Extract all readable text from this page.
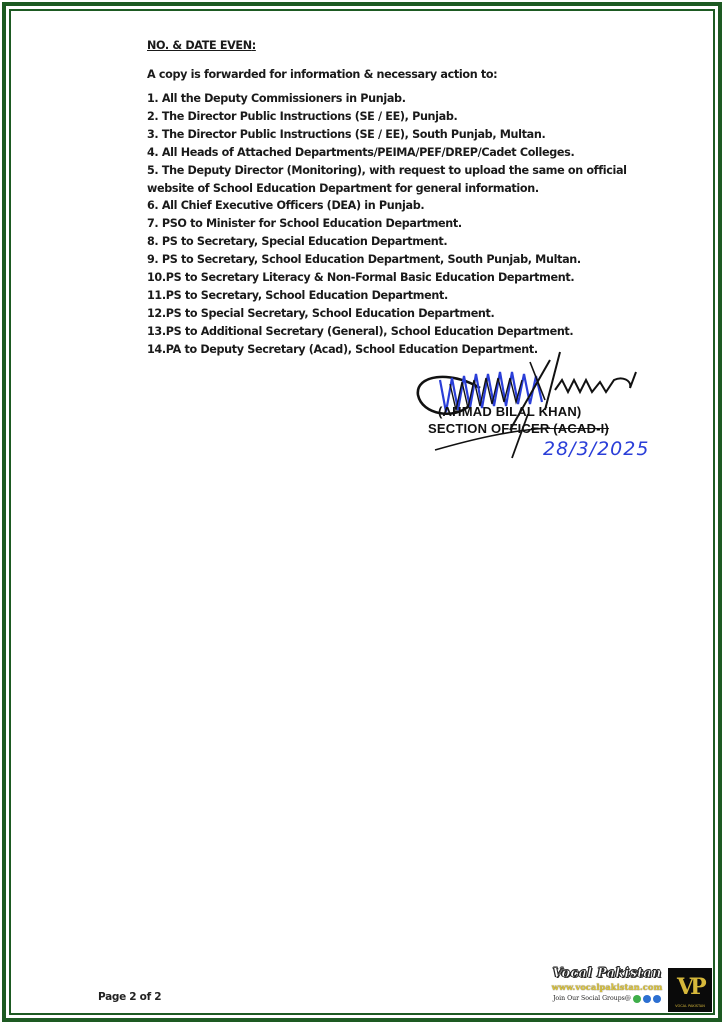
NO. & DATE EVEN:
A copy is forwarded for information & necessary action to:
1. All the Deputy Commissioners in Punjab.
2. The Director Public Instructions (SE / EE), Punjab.
3. The Director Public Instructions (SE / EE), South Punjab, Multan.
4. All Heads of Attached Departments/PEIMA/PEF/DREP/Cadet Colleges.
5. The Deputy Director (Monitoring), with request to upload the same on official
website of School Education Department for general information.
6. All Chief Executive Officers (DEA) in Punjab.
7. PSO to Minister for School Education Department.
8. PS to Secretary, Special Education Department.
9. PS to Secretary, School Education Department, South Punjab, Multan.
10.PS to Secretary Literacy & Non-Formal Basic Education Department.
11.PS to Secretary, School Education Department.
12.PS to Special Secretary, School Education Department.
13.PS to Additional Secretary (General), School Education Department.
14.PA to Deputy Secretary (Acad), School Education Department.
(AHMAD BILAL KHAN)
SECTION OFFICER (ACAD-I)
28/3/2025
Page 2 of 2
Vocal Pakistan
www.vocalpakistan.com
Join Our Social Groups@ VP
VOCAL PAKISTAN
